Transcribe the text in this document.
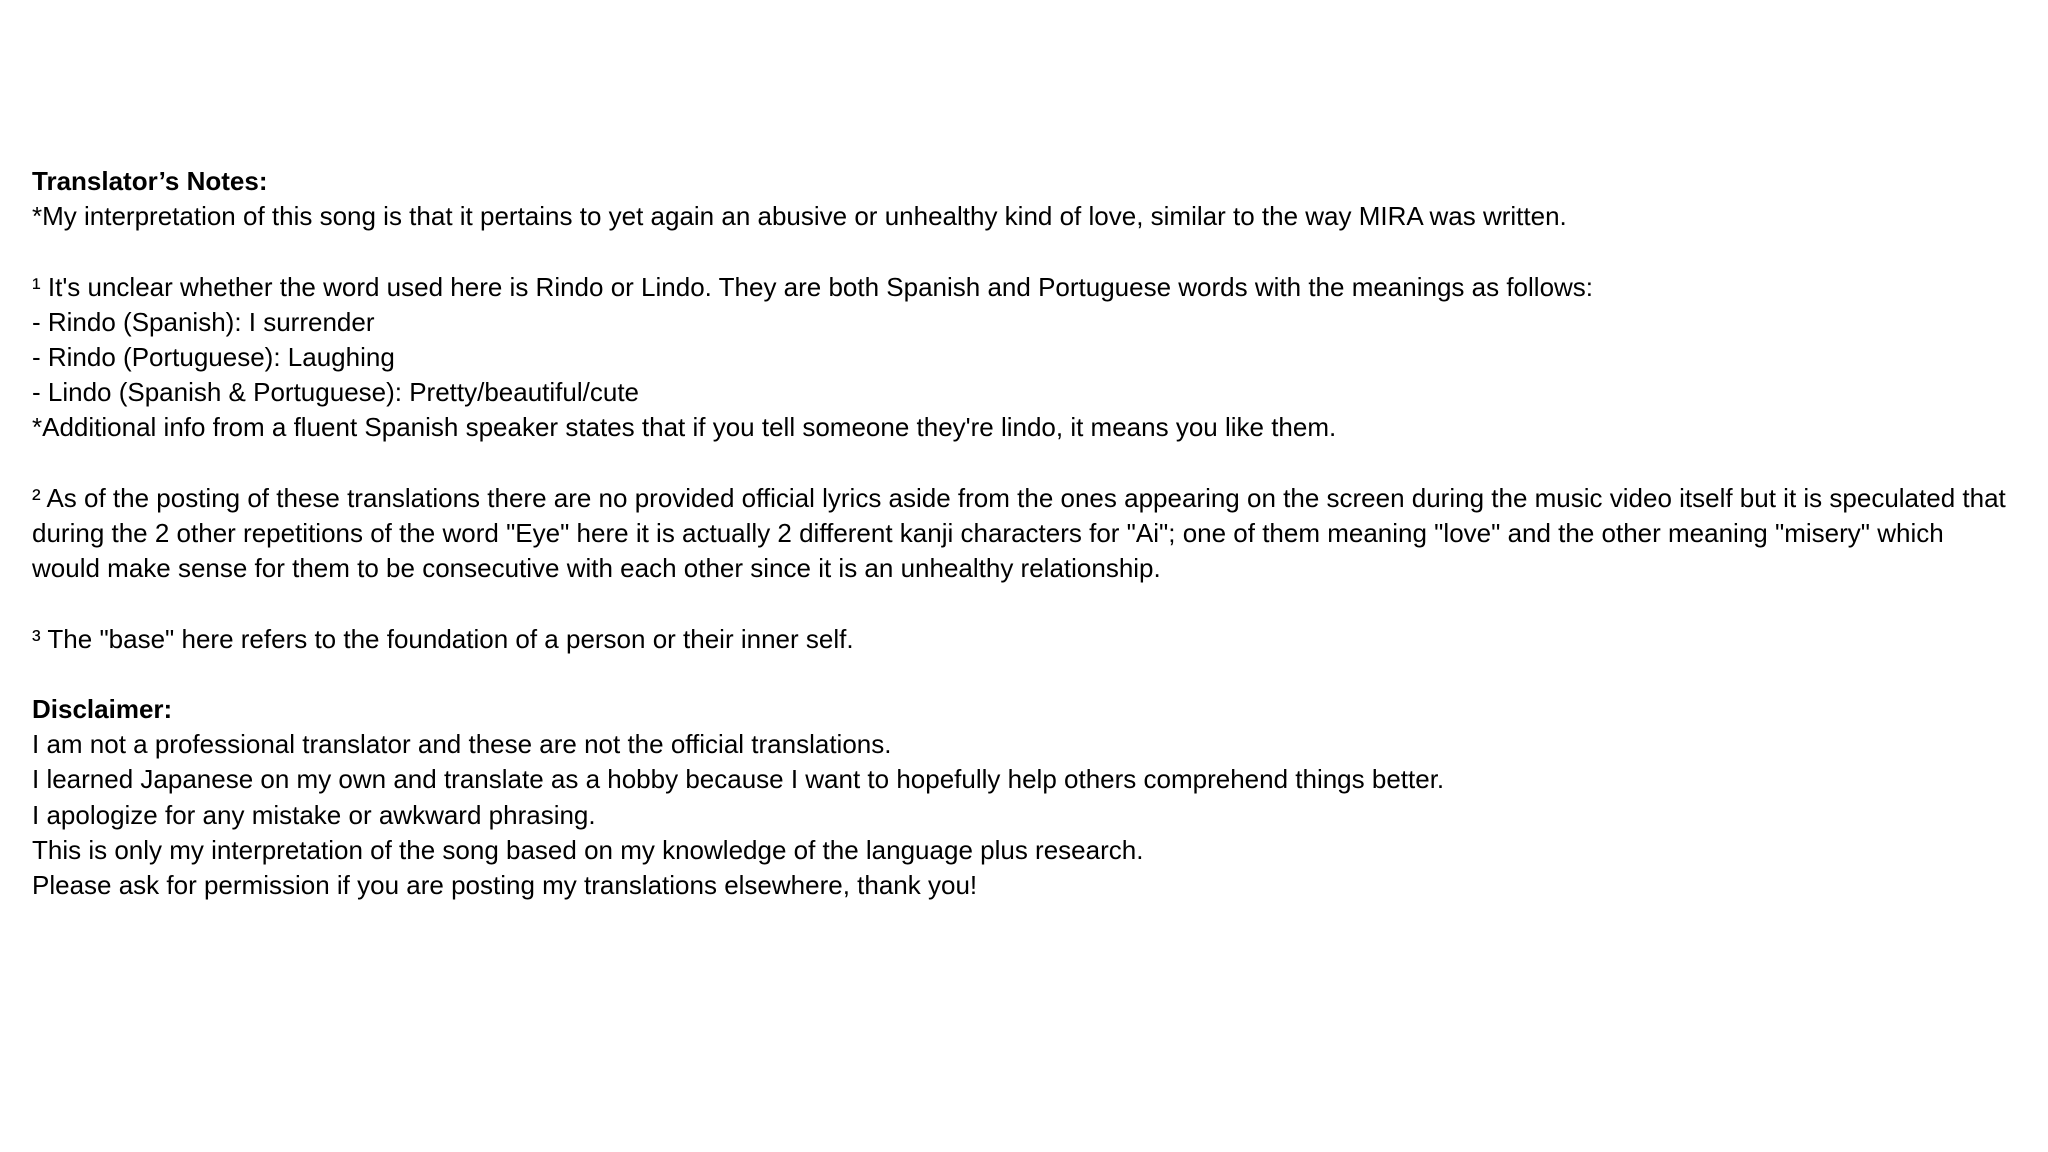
Translator’s Notes:

*My interpretation of this song is that it pertains to yet again an abusive or unhealthy kind of love, similar to the way MIRA was written.

¹ It's unclear whether the word used here is Rindo or Lindo. They are both Spanish and Portuguese words with the meanings as follows:

- Rindo (Spanish): I surrender

- Rindo (Portuguese): Laughing

- Lindo (Spanish & Portuguese): Pretty/beautiful/cute

*Additional info from a fluent Spanish speaker states that if you tell someone they're lindo, it means you like them.

² As of the posting of these translations there are no provided official lyrics aside from the ones appearing on the screen during the music video itself but it is speculated that

during the 2 other repetitions of the word "Eye" here it is actually 2 different kanji characters for "Ai"; one of them meaning "love" and the other meaning "misery" which

would make sense for them to be consecutive with each other since it is an unhealthy relationship.

³ The "base" here refers to the foundation of a person or their inner self.

Disclaimer:

I am not a professional translator and these are not the official translations.

I learned Japanese on my own and translate as a hobby because I want to hopefully help others comprehend things better.

I apologize for any mistake or awkward phrasing.

This is only my interpretation of the song based on my knowledge of the language plus research.

Please ask for permission if you are posting my translations elsewhere, thank you!
